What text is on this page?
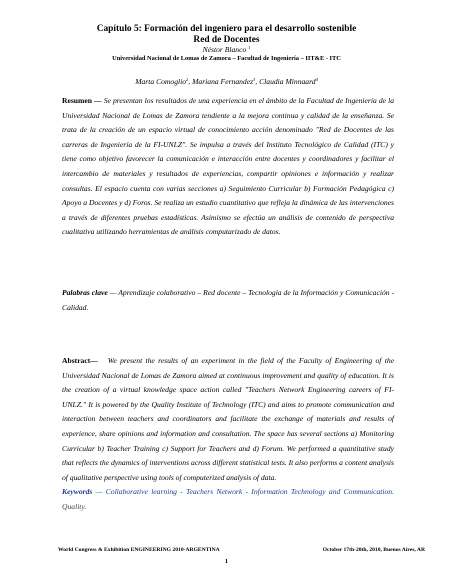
Capítulo 5: Formación del ingeniero para el desarrollo sostenible
Red de Docentes
Néstor Blanco $^1$
Universidad Nacional de Lomas de Zamora – Facultad de Ingeniería – IIT&E - ITC
Marta Comoglio$^2$, Mariana Fernandez$^3$, Claudia Minnaard$^4$
Resumen — Se presentan los resultados de una experiencia en el ámbito de la Facultad de Ingeniería de la Universidad Nacional de Lomas de Zamora tendiente a la mejora continua y calidad de la enseñanza. Se trata de la creación de un espacio virtual de conocimiento acción denominado "Red de Docentes de las carreras de Ingeniería de la FI-UNLZ". Se impulsa a través del Instituto Tecnológico de Calidad (ITC) y tiene como objetivo favorecer la comunicación e interacción entre docentes y coordinadores y facilitar el intercambio de materiales y resultados de experiencias, compartir opiniones e información y realizar consultas. El espacio cuenta con varias secciones a) Seguimiento Curricular b) Formación Pedagógica c) Apoyo a Docentes y d) Foros. Se realiza un estudio cuantitativo que refleja la dinámica de las intervenciones a través de diferentes pruebas estadísticas. Asimismo se efectúa un análisis de contenido de perspectiva cualitativa utilizando herramientas de análisis computarizado de datos.
Palabras clave — Aprendizaje colaborativo – Red docente – Tecnología de la Información y Comunicación - Calidad.
Abstract— We present the results of an experiment in the field of the Faculty of Engineering of the Universidad Nacional de Lomas de Zamora aimed at continuous improvement and quality of education. It is the creation of a virtual knowledge space action called "Teachers Network Engineering careers of FI-UNLZ." It is powered by the Quality Institute of Technology (ITC) and aims to promote communication and interaction between teachers and coordinators and facilitate the exchange of materials and results of experience, share opinions and information and consultation. The space has several sections a) Monitoring Curricular b) Teacher Training c) Support for Teachers and d) Forum. We performed a quantitative study that reflects the dynamics of interventions across different statistical tests. It also performs a content analysis of qualitative perspective using tools of computerized analysis of data.
Keywords — Collaborative learning - Teachers Network - Information Technology and Communication. Quality.
World Congress & Exhibition ENGINEERING 2010-ARGENTINA	October 17th-20th, 2010, Buenos Aires, AR
1
